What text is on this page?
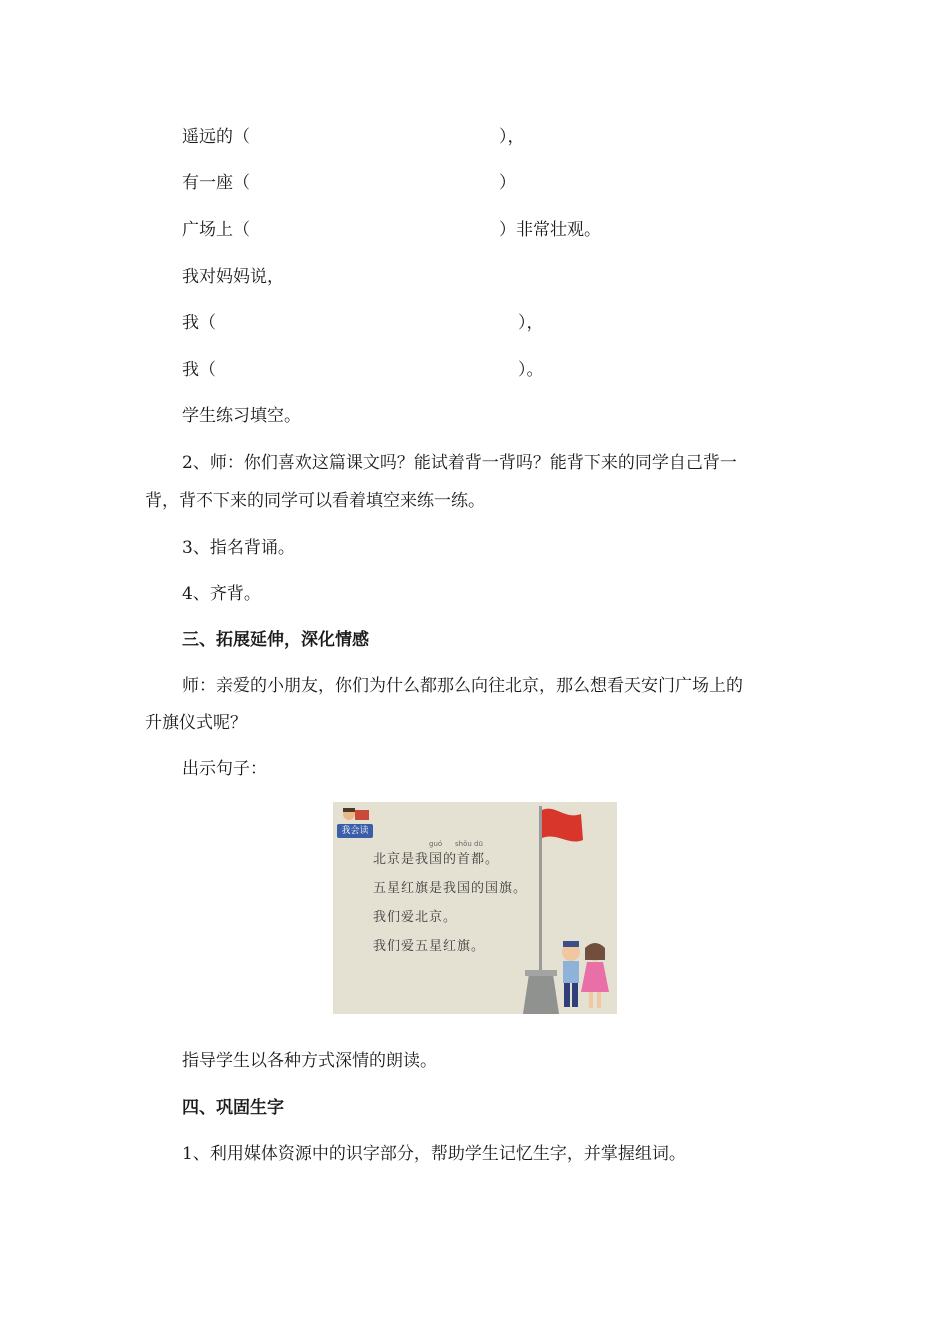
遥远的（	），
有一座（	）
广场上（	）非常壮观。
我对妈妈说，
我（	），
我（	）。
学生练习填空。
2、师：你们喜欢这篇课文吗？能试着背一背吗？能背下来的同学自己背一
背，背不下来的同学可以看着填空来练一练。
3、指名背诵。
4、齐背。
三、拓展延伸，深化情感
师：亲爱的小朋友，你们为什么都那么向往北京，那么想看天安门广场上的
升旗仪式呢？
出示句子：
我会读
guó shǒu dū
北京是我国的首都。
五星红旗是我国的国旗。
我们爱北京。
我们爱五星红旗。
指导学生以各种方式深情的朗读。
四、巩固生字
1、利用媒体资源中的识字部分，帮助学生记忆生字，并掌握组词。
